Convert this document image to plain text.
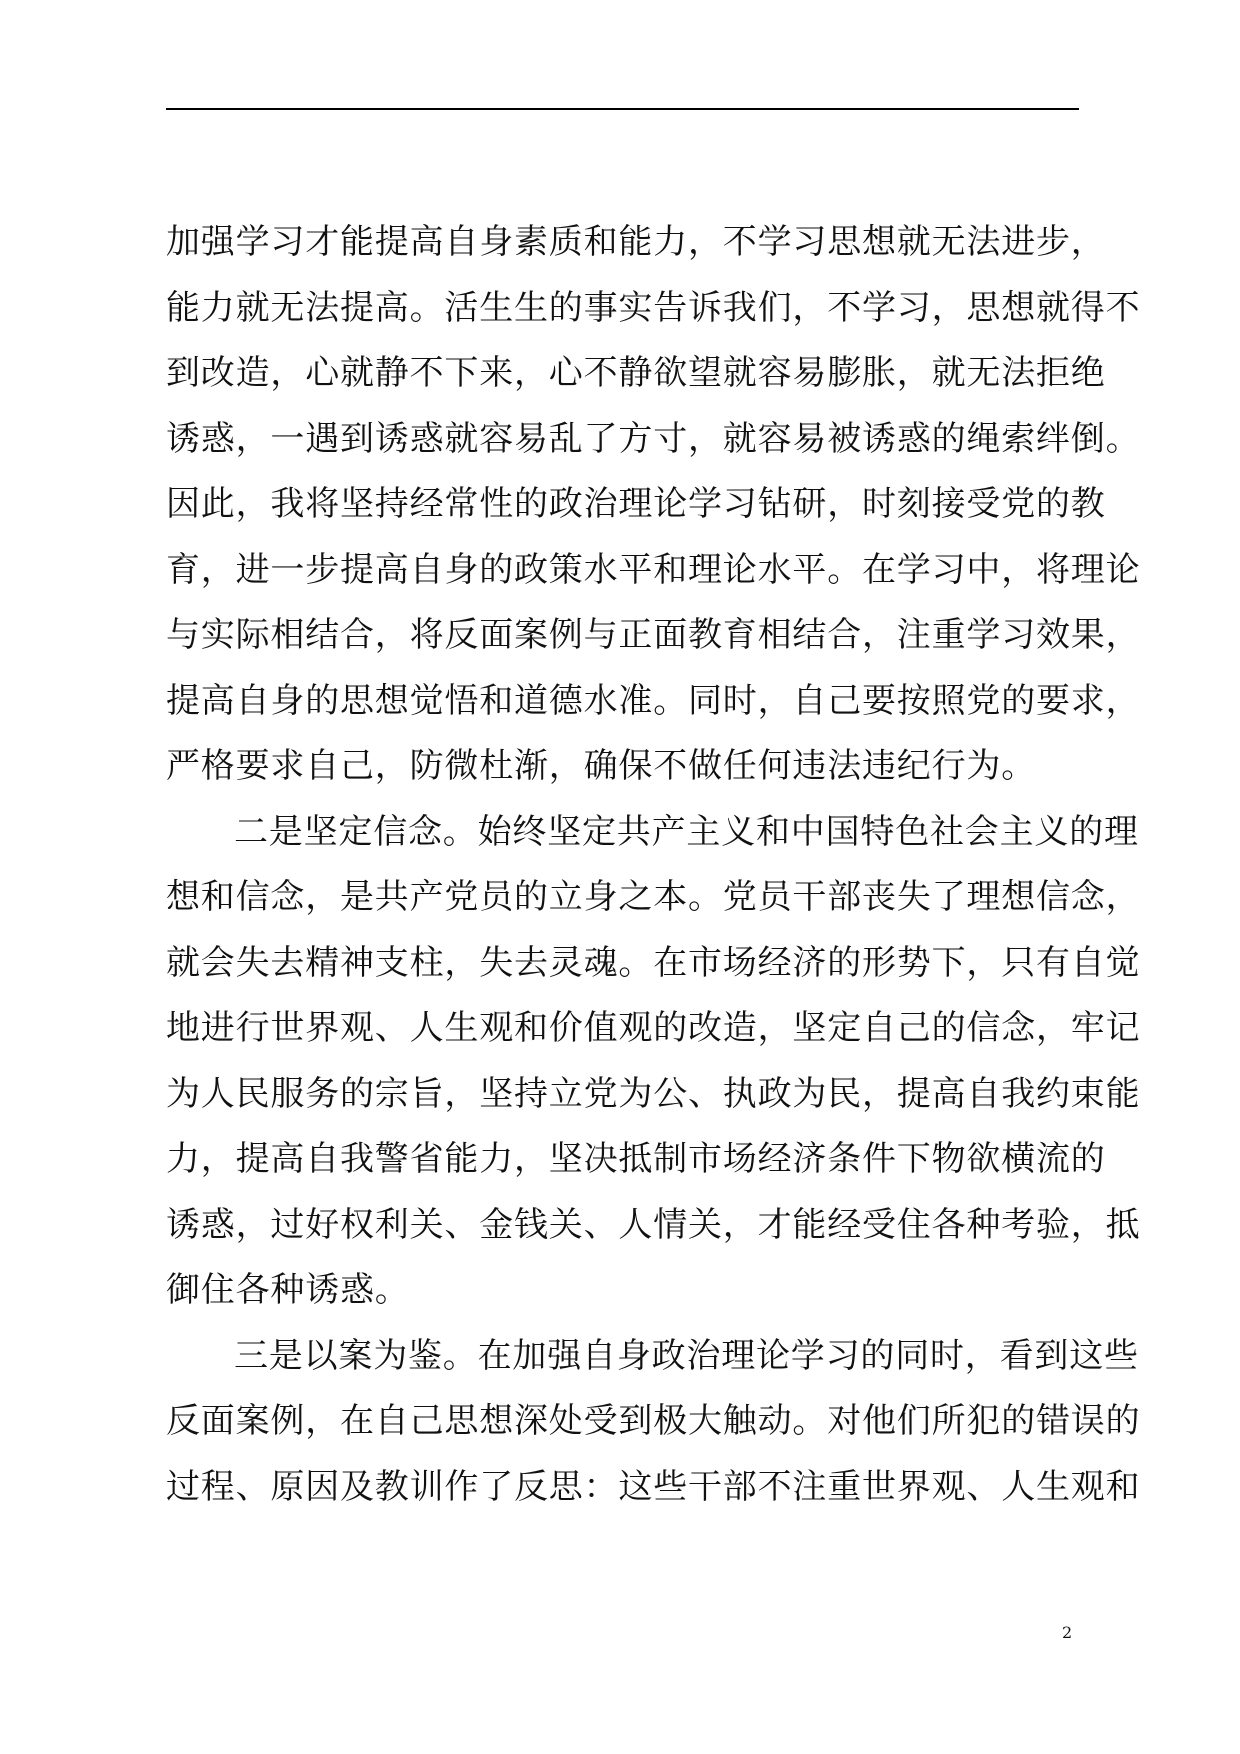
加强学习才能提高自身素质和能力，不学习思想就无法进步，
能力就无法提高。活生生的事实告诉我们，不学习，思想就得不
到改造，心就静不下来，心不静欲望就容易膨胀，就无法拒绝
诱惑，一遇到诱惑就容易乱了方寸，就容易被诱惑的绳索绊倒。
因此，我将坚持经常性的政治理论学习钻研，时刻接受党的教
育，进一步提高自身的政策水平和理论水平。在学习中，将理论
与实际相结合，将反面案例与正面教育相结合，注重学习效果，
提高自身的思想觉悟和道德水准。同时，自己要按照党的要求，
严格要求自己，防微杜渐，确保不做任何违法违纪行为。
二是坚定信念。始终坚定共产主义和中国特色社会主义的理
想和信念，是共产党员的立身之本。党员干部丧失了理想信念，
就会失去精神支柱，失去灵魂。在市场经济的形势下，只有自觉
地进行世界观、人生观和价值观的改造，坚定自己的信念，牢记
为人民服务的宗旨，坚持立党为公、执政为民，提高自我约束能
力，提高自我警省能力，坚决抵制市场经济条件下物欲横流的
诱惑，过好权利关、金钱关、人情关，才能经受住各种考验，抵
御住各种诱惑。
三是以案为鉴。在加强自身政治理论学习的同时，看到这些
反面案例，在自己思想深处受到极大触动。对他们所犯的错误的
过程、原因及教训作了反思：这些干部不注重世界观、人生观和
2
